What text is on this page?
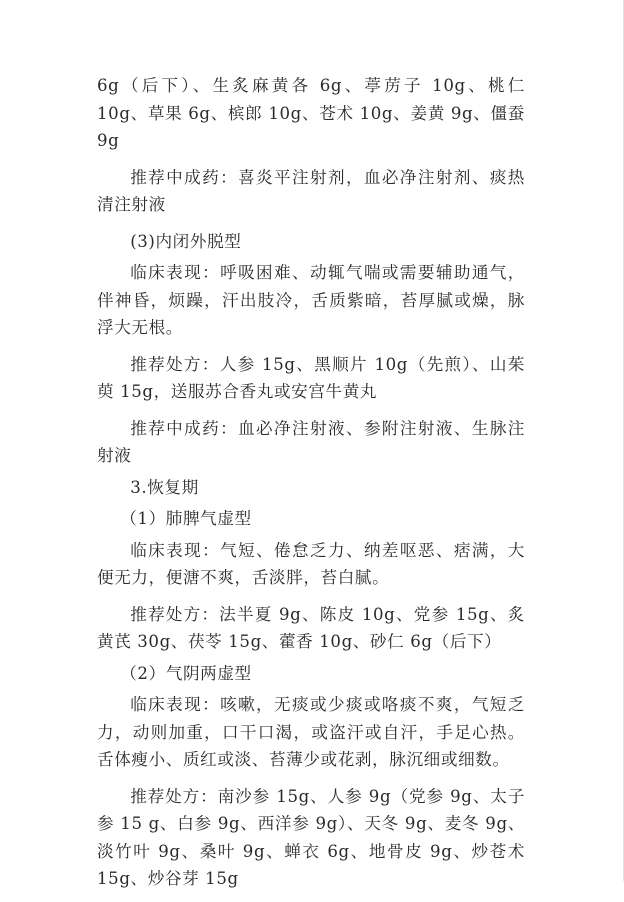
6g（后下）、生炙麻黄各 6g、葶苈子 10g、桃仁 10g、草果 6g、槟郎 10g、苍术 10g、姜黄 9g、僵蚕 9g

推荐中成药：喜炎平注射剂，血必净注射剂、痰热清注射液

(3)内闭外脱型

临床表现：呼吸困难、动辄气喘或需要辅助通气，伴神昏，烦躁，汗出肢冷，舌质紫暗，苔厚腻或燥，脉浮大无根。

推荐处方：人参 15g、黑顺片 10g（先煎）、山茱萸 15g，送服苏合香丸或安宫牛黄丸

推荐中成药：血必净注射液、参附注射液、生脉注射液

3.恢复期

（1）肺脾气虚型

临床表现：气短、倦怠乏力、纳差呕恶、痞满，大便无力，便溏不爽，舌淡胖，苔白腻。

推荐处方：法半夏 9g、陈皮 10g、党参 15g、炙黄芪 30g、茯苓 15g、藿香 10g、砂仁 6g（后下）

（2）气阴两虚型

临床表现：咳嗽，无痰或少痰或咯痰不爽，气短乏力，动则加重，口干口渴，或盗汗或自汗，手足心热。舌体瘦小、质红或淡、苔薄少或花剥，脉沉细或细数。

推荐处方：南沙参 15g、人参 9g（党参 9g、太子参 15 g、白参 9g、西洋参 9g）、天冬 9g、麦冬 9g、淡竹叶 9g、桑叶 9g、蝉衣 6g、地骨皮 9g、炒苍术 15g、炒谷芽 15g
